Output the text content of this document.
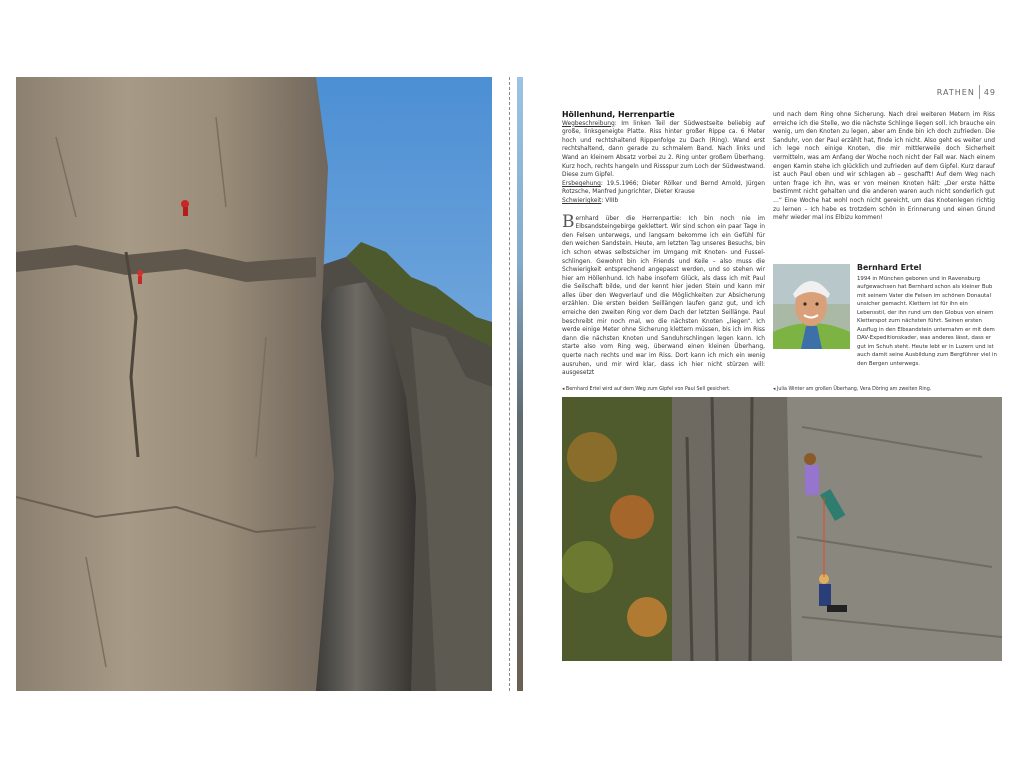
RATHEN 49

Höllenhund, Herrenpartie

Wegbeschreibung: Im linken Teil der Südwestseite beliebig auf große, linksgeneigte Platte. Riss hinter großer Rippe ca. 6 Meter hoch und rechtshaltend Rippenfolge zu Dach (Ring). Wand erst rechtshaltend, dann gerade zu schmalem Band. Nach links und Wand an kleinem Absatz vorbei zu 2. Ring unter großem Überhang. Kurz hoch, rechts hangeln und Rissspur zum Loch der Südwestwand. Diese zum Gipfel.

Ersbegehung: 19.5.1966; Dieter Rölker und Bernd Arnold, Jürgen Rotzsche, Manfred Jungrichter, Dieter Krause

Schwierigkeit: VIIIb

Bernhard über die Herrenpartie: Ich bin noch nie im Elbsandsteingebirge geklettert. Wir sind schon ein paar Tage in den Felsen unterwegs, und langsam bekomme ich ein Gefühl für den weichen Sandstein. Heute, am letzten Tag unseres Besuchs, bin ich schon etwas selbstsicher im Umgang mit Knoten- und Fusselschlingen. Gewohnt bin ich Friends und Keile – also muss die Schwierigkeit entsprechend angepasst werden, und so stehen wir hier am Höllenhund. Ich habe insofern Glück, als dass ich mit Paul die Seilschaft bilde, und der kennt hier jeden Stein und kann mir alles über den Wegverlauf und die Möglichkeiten zur Absicherung erzählen. Die ersten beiden Seillängen laufen ganz gut, und ich erreiche den zweiten Ring vor dem Dach der letzten Seillänge. Paul beschreibt mir noch mal, wo die nächsten Knoten „liegen“. Ich werde einige Meter ohne Sicherung klettern müssen, bis ich im Riss dann die nächsten Knoten und Sanduhrschlingen legen kann. Ich starte also vom Ring weg, überwand einen kleinen Überhang, querte nach rechts und war im Riss. Dort kann ich mich ein wenig ausruhen, und mir wird klar, dass ich hier nicht stürzen will: ausgesetzt

und nach dem Ring ohne Sicherung. Nach drei weiteren Metern im Riss erreiche ich die Stelle, wo die nächste Schlinge liegen soll. Ich brauche ein wenig, um den Knoten zu legen, aber am Ende bin ich doch zufrieden. Die Sanduhr, von der Paul erzählt hat, finde ich nicht. Also geht es weiter und ich lege noch einige Knoten, die mir mittlerweile doch Sicherheit vermitteln, was am Anfang der Woche noch nicht der Fall war. Nach einem engen Kamin stehe ich glücklich und zufrieden auf dem Gipfel. Kurz darauf ist auch Paul oben und wir schlagen ab – geschafft! Auf dem Weg nach unten frage ich ihn, was er von meinen Knoten hält: „Der erste hätte bestimmt nicht gehalten und die anderen waren auch nicht sonderlich gut …“ Eine Woche hat wohl noch nicht gereicht, um das Knotenlegen richtig zu lernen – Ich habe es trotzdem schön in Erinnerung und einen Grund mehr wieder mal ins Elbizu kommen!

Bernhard Ertel
1994 in München geboren und in Ravensburg aufgewachsen hat Bernhard schon als kleiner Bub mit seinem Vater die Felsen im schönen Donautal unsicher gemacht. Klettern ist für ihn ein Lebensstil, der ihn rund um den Globus von einem Kletterspot zum nächsten führt. Seinen ersten Ausflug in den Elbsandstein unternahm er mit dem DAV-Expeditionskader, was anderes lässt, dass er gut im Schuh steht. Heute lebt er in Luzern und ist auch damit seine Ausbildung zum Bergführer viel in den Bergen unterwegs.
◂ Bernhard Ertel wird auf dem Weg zum Gipfel von Paul Sell gesichert.	◂ Julia Winter am großen Überhang, Vera Döring am zweiten Ring.
